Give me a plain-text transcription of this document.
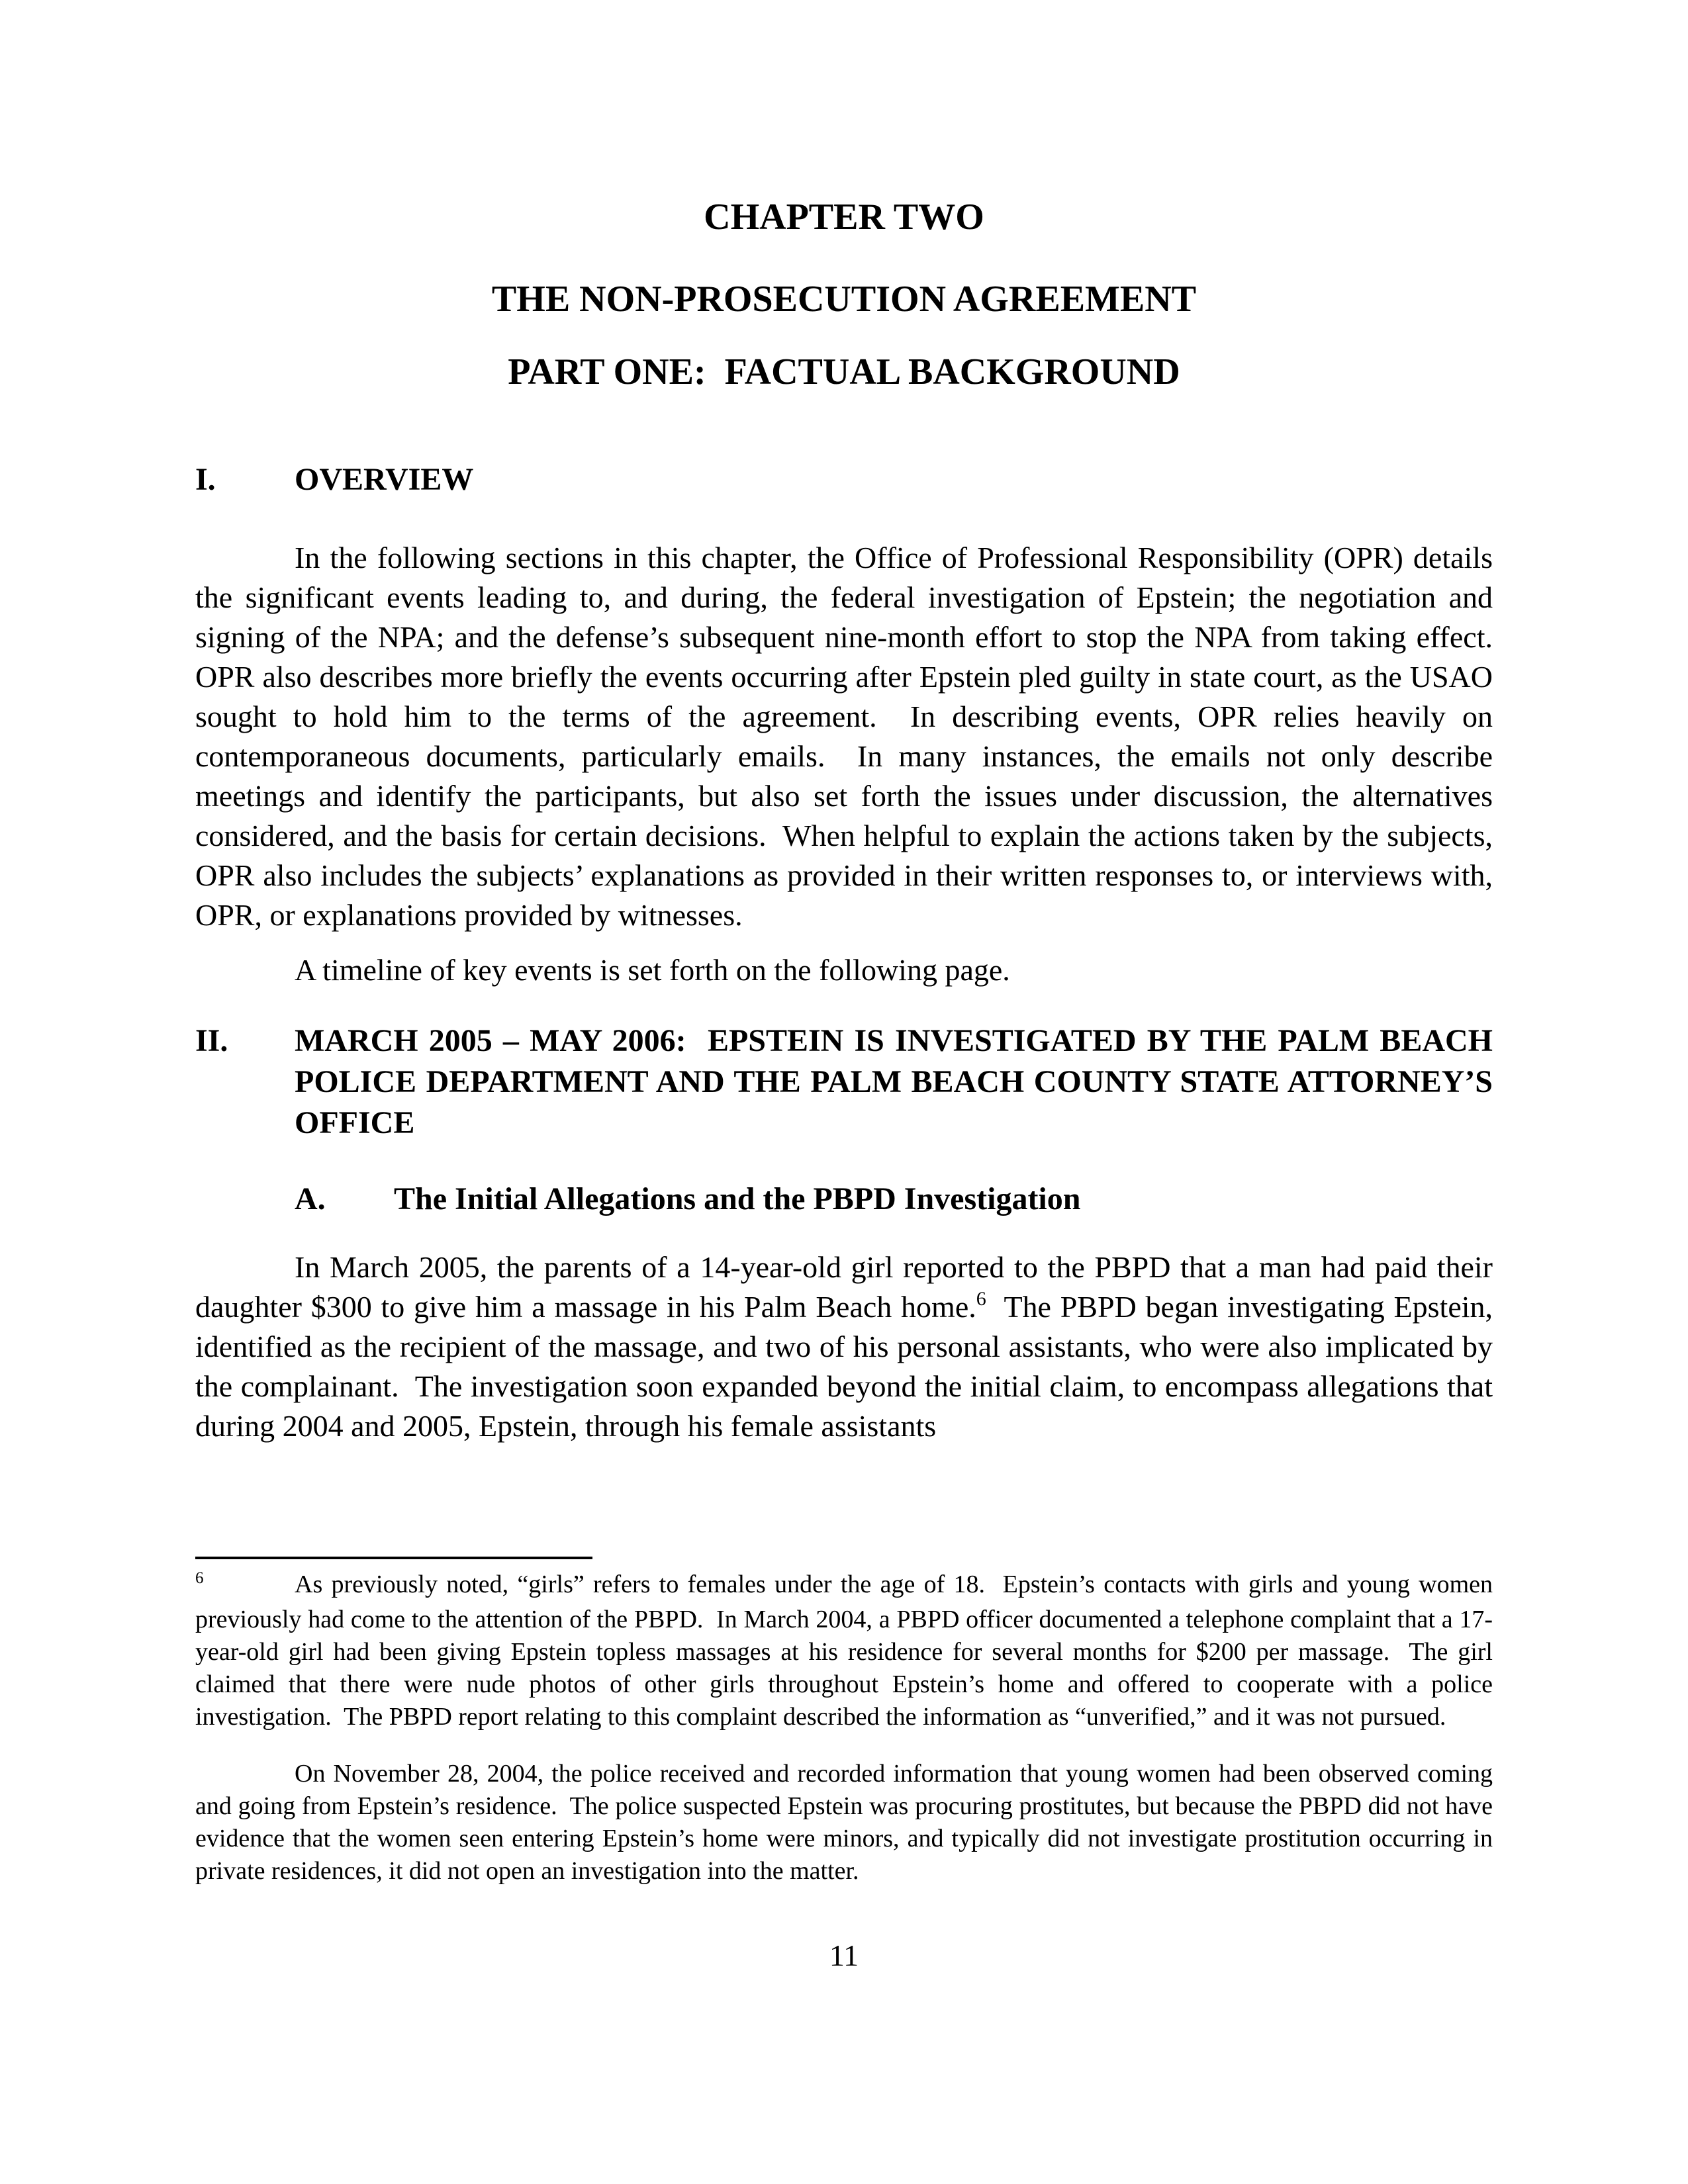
CHAPTER TWO
THE NON-PROSECUTION AGREEMENT
PART ONE:  FACTUAL BACKGROUND
I. OVERVIEW
In the following sections in this chapter, the Office of Professional Responsibility (OPR) details the significant events leading to, and during, the federal investigation of Epstein; the negotiation and signing of the NPA; and the defense’s subsequent nine-month effort to stop the NPA from taking effect.  OPR also describes more briefly the events occurring after Epstein pled guilty in state court, as the USAO sought to hold him to the terms of the agreement.  In describing events, OPR relies heavily on contemporaneous documents, particularly emails.  In many instances, the emails not only describe meetings and identify the participants, but also set forth the issues under discussion, the alternatives considered, and the basis for certain decisions.  When helpful to explain the actions taken by the subjects, OPR also includes the subjects’ explanations as provided in their written responses to, or interviews with, OPR, or explanations provided by witnesses.
A timeline of key events is set forth on the following page.
II. MARCH 2005 – MAY 2006:  EPSTEIN IS INVESTIGATED BY THE PALM BEACH POLICE DEPARTMENT AND THE PALM BEACH COUNTY STATE ATTORNEY’S OFFICE
A. The Initial Allegations and the PBPD Investigation
In March 2005, the parents of a 14-year-old girl reported to the PBPD that a man had paid their daughter $300 to give him a massage in his Palm Beach home.$^6$  The PBPD began investigating Epstein, identified as the recipient of the massage, and two of his personal assistants, who were also implicated by the complainant.  The investigation soon expanded beyond the initial claim, to encompass allegations that during 2004 and 2005, Epstein, through his female assistants
6	As previously noted, “girls” refers to females under the age of 18.  Epstein’s contacts with girls and young women previously had come to the attention of the PBPD.  In March 2004, a PBPD officer documented a telephone complaint that a 17-year-old girl had been giving Epstein topless massages at his residence for several months for $200 per massage.  The girl claimed that there were nude photos of other girls throughout Epstein’s home and offered to cooperate with a police investigation.  The PBPD report relating to this complaint described the information as “unverified,” and it was not pursued.
On November 28, 2004, the police received and recorded information that young women had been observed coming and going from Epstein’s residence.  The police suspected Epstein was procuring prostitutes, but because the PBPD did not have evidence that the women seen entering Epstein’s home were minors, and typically did not investigate prostitution occurring in private residences, it did not open an investigation into the matter.
11
